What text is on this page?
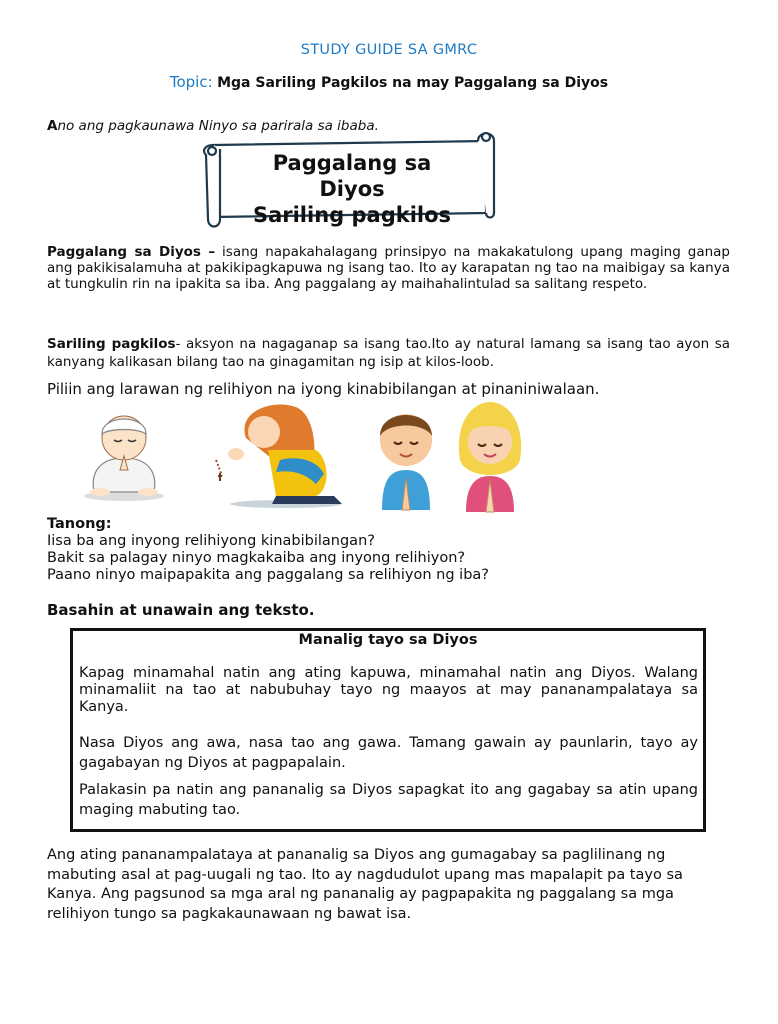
STUDY GUIDE SA GMRC
Topic: Mga Sariling Pagkilos na may Paggalang sa Diyos
Ano ang pagkaunawa Ninyo sa parirala sa ibaba.
Paggalang sa
Diyos
Sariling pagkilos
Paggalang sa Diyos – isang napakahalagang prinsipyo na makakatulong upang maging ganap ang pakikisalamuha at pakikipagkapuwa ng isang tao. Ito ay karapatan ng tao na maibigay sa kanya at tungkulin rin na ipakita sa iba. Ang paggalang ay maihahalintulad sa salitang respeto.
Sariling pagkilos- aksyon na nagaganap sa isang tao.Ito ay natural lamang sa isang tao ayon sa kanyang kalikasan bilang tao na ginagamitan ng isip at kilos-loob.
Piliin ang larawan ng relihiyon na iyong kinabibilangan at pinaniniwalaan.
Tanong:
Iisa ba ang inyong relihiyong kinabibilangan?
Bakit sa palagay ninyo magkakaiba ang inyong relihiyon?
Paano ninyo maipapakita ang paggalang sa relihiyon ng iba?
Basahin at unawain ang teksto.
Manalig tayo sa Diyos
Kapag minamahal natin ang ating kapuwa, minamahal natin ang Diyos. Walang minamaliit na tao at nabubuhay tayo ng maayos at may pananampalataya sa Kanya.
Nasa Diyos ang awa, nasa tao ang gawa. Tamang gawain ay paunlarin, tayo ay gagabayan ng Diyos at pagpapalain.
Palakasin pa natin ang pananalig sa Diyos sapagkat ito ang gagabay sa atin upang maging mabuting tao.
Ang ating pananampalataya at pananalig sa Diyos ang gumagabay sa paglilinang ng mabuting asal at pag-uugali ng tao. Ito ay nagdudulot upang mas mapalapit pa tayo sa Kanya. Ang pagsunod sa mga aral ng pananalig ay pagpapakita ng paggalang sa mga relihiyon tungo sa pagkakaunawaan ng bawat isa.
